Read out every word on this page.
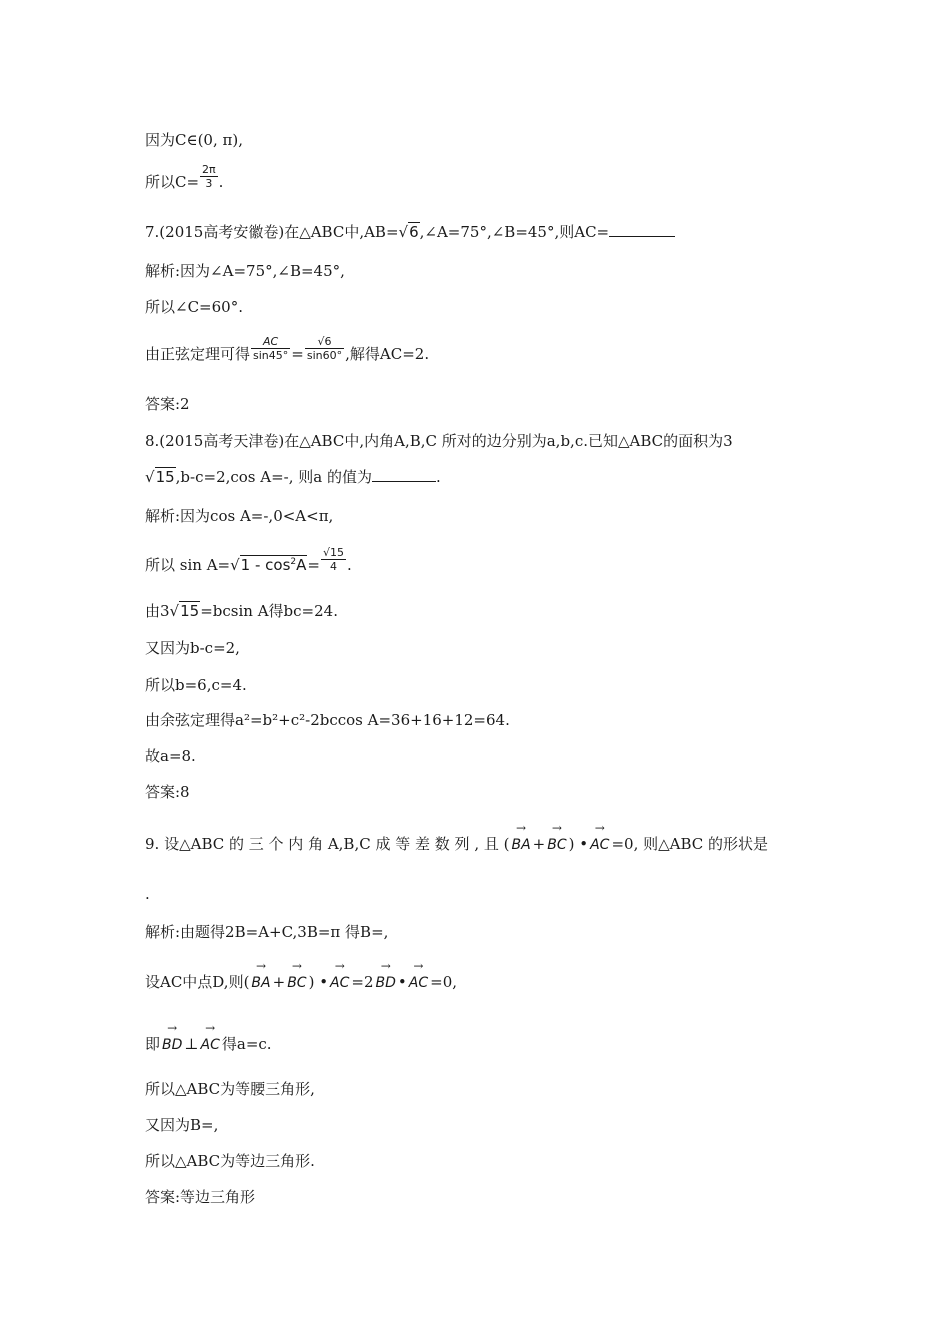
因为C∈(0, π),
所以$C= \frac{2\pi}{3}$ .
7.(2015高考安徽卷)在△ABC中,AB=√6,∠A=75°,∠B=45°,则AC=
解析:因为∠A=75°,∠B=45°,
所以∠C=60°.
由正弦定理可得 $\frac{AC}{\sin 45^\circ} = \frac{√6}{\sin 60^\circ}$ ,解得AC=2.
答案:2
8.(2015高考天津卷)在△ABC中,内角A,B,C 所对的边分别为a,b,c.已知△ABC的面积为3
√15,b-c=2,cos A=-, 则a 的值为	.
解析:因为cos A=-,0<A<π,
所以 $\sin A=√1 - \cos^2A= \frac{√15}{4}$ .
由3√15=bcsin A得bc=24.
又因为b-c=2,
所以b=6,c=4.
由余弦定理得a²=b²+c²-2bccos A=36+16+12=64.
故a=8.
答案:8
9. 设△ABC 的 三 个 内 角 A,B,C 成 等 差 数 列 , 且 (
→
BA +
→
BC ) •
→
AC =0, 则△ABC 的形状是
.
解析:由题得2B=A+C,3B=π 得B=,
设AC中点D,则(
→
BA +
→
BC ) •
→
AC =2
→
BD •
→
AC =0,
即
→
BD ⊥
→
AC 得a=c.
所以△ABC为等腰三角形,
又因为B=,
所以△ABC为等边三角形.
答案:等边三角形
